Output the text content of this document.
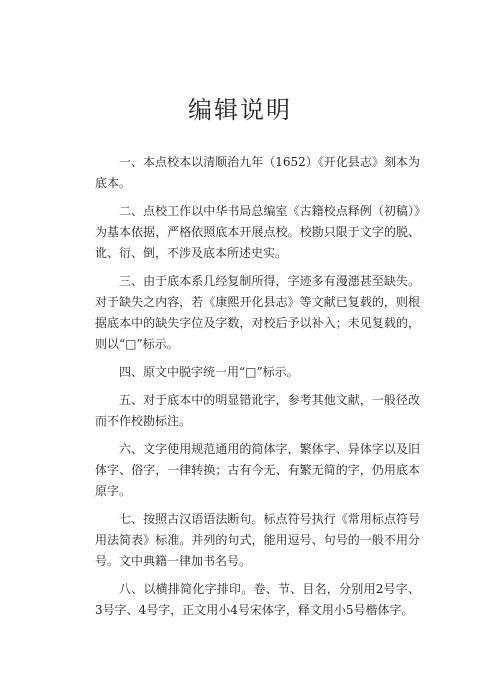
编辑说明

一、本点校本以清顺治九年（1652）《开化县志》刻本为底本。

二、点校工作以中华书局总编室《古籍校点释例（初稿）》为基本依据，严格依照底本开展点校。校勘只限于文字的脱、讹、衍、倒，不涉及底本所述史实。

三、由于底本系几经复制所得，字迹多有漫漶甚至缺失。对于缺失之内容，若《康熙开化县志》等文献已复载的，则根据底本中的缺失字位及字数，对校后予以补入；未见复载的，则以“□”标示。

四、原文中脱字统一用“□”标示。

五、对于底本中的明显错讹字，参考其他文献，一般径改而不作校勘标注。

六、文字使用规范通用的简体字，繁体字、异体字以及旧体字、俗字，一律转换；古有今无、有繁无简的字，仍用底本原字。

七、按照古汉语语法断句。标点符号执行《常用标点符号用法简表》标准。并列的句式，能用逗号、句号的一般不用分号。文中典籍一律加书名号。

八、以横排简化字排印。卷、节、目名，分别用2号字、3号字、4号字，正文用小4号宋体字，释文用小5号楷体字。
